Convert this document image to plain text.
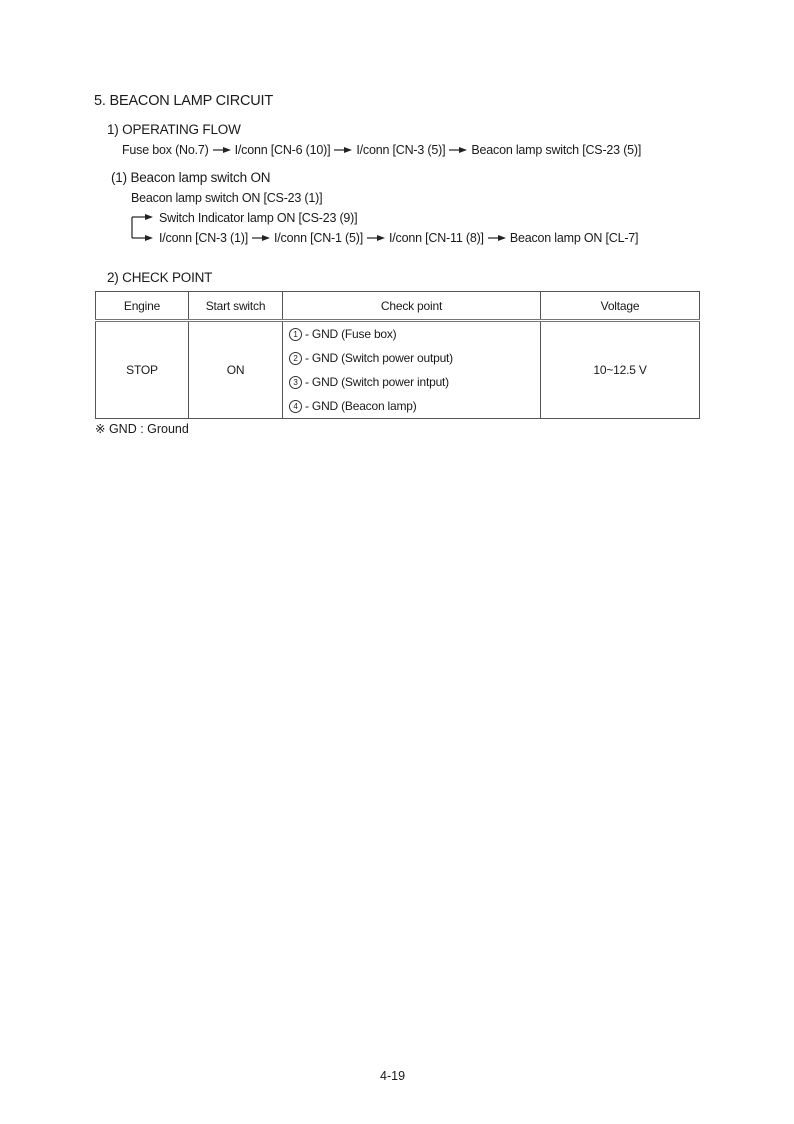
5. BEACON LAMP CIRCUIT
1) OPERATING FLOW
Fuse box (No.7) I/conn [CN-6 (10)] I/conn [CN-3 (5)] Beacon lamp switch [CS-23 (5)]
(1) Beacon lamp switch ON
Beacon lamp switch ON [CS-23 (1)]
Switch Indicator lamp ON [CS-23 (9)]
I/conn [CN-3 (1)] I/conn [CN-1 (5)] I/conn [CN-11 (8)] Beacon lamp ON [CL-7]
2) CHECK POINT
Engine	Start switch	Check point	Voltage
STOP	ON	1 - GND (Fuse box)
2 - GND (Switch power output)
3 - GND (Switch power intput)
4 - GND (Beacon lamp)	10~12.5 V
※ GND : Ground
4-19
